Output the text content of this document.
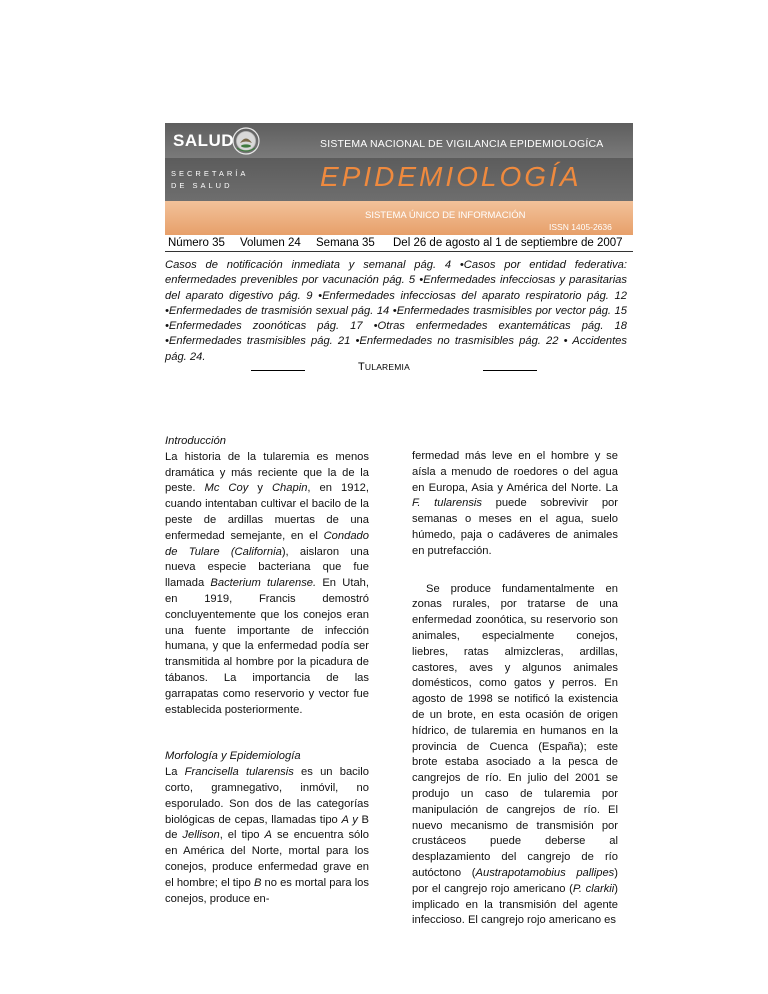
SALUD	SISTEMA NACIONAL DE VIGILANCIA EPIDEMIOLOGÍCA
SECRETARÍA
DE SALUD	EPIDEMIOLOGÍA
SISTEMA ÚNICO DE INFORMACIÓN
ISSN 1405-2636
Número 35 Volumen 24 Semana 35 Del 26 de agosto al 1 de septiembre de 2007
Casos de notificación inmediata y semanal pág. 4 •Casos por entidad federativa: enfermedades prevenibles por vacunación pág. 5 •Enfermedades infecciosas y parasitarias del aparato digestivo pág. 9 •Enfermedades infecciosas del aparato respiratorio pág. 12 •Enfermedades de trasmisión sexual pág. 14 •Enfermedades trasmisibles por vector pág. 15 •Enfermedades zoonóticas pág. 17 •Otras enfermedades exantemáticas pág. 18 •Enfermedades trasmisibles pág. 21 •Enfermedades no trasmisibles pág. 22 • Accidentes pág. 24.
TULAREMIA

Introducción

La historia de la tularemia es menos dramática y más reciente que la de la peste. Mc Coy y Chapin, en 1912, cuando intentaban cultivar el bacilo de la peste de ardillas muertas de una enfermedad semejante, en el Condado de Tulare (California), aislaron una nueva especie bacteriana que fue llamada Bacterium tularense. En Utah, en 1919, Francis demostró concluyentemente que los conejos eran una fuente importante de infección humana, y que la enfermedad podía ser transmitida al hombre por la picadura de tábanos. La importancia de las garrapatas como reservorio y vector fue establecida posteriormente.

Morfología y Epidemiología

La Francisella tularensis es un bacilo corto, gramnegativo, inmóvil, no esporulado. Son dos de las categorías biológicas de cepas, llamadas tipo A y B de Jellison, el tipo A se encuentra sólo en América del Norte, mortal para los conejos, produce enfermedad grave en el hombre; el tipo B no es mortal para los conejos, produce en-

fermedad más leve en el hombre y se aísla a menudo de roedores o del agua en Europa, Asia y América del Norte. La F. tularensis puede sobrevivir por semanas o meses en el agua, suelo húmedo, paja o cadáveres de animales en putrefacción.

Se produce fundamentalmente en zonas rurales, por tratarse de una enfermedad zoonótica, su reservorio son animales, especialmente conejos, liebres, ratas almizcleras, ardillas, castores, aves y algunos animales domésticos, como gatos y perros. En agosto de 1998 se notificó la existencia de un brote, en esta ocasión de origen hídrico, de tularemia en humanos en la provincia de Cuenca (España); este brote estaba asociado a la pesca de cangrejos de río. En julio del 2001 se produjo un caso de tularemia por manipulación de cangrejos de río. El nuevo mecanismo de transmisión por crustáceos puede deberse al desplazamiento del cangrejo de río autóctono (Austrapotamobius pallipes) por el cangrejo rojo americano (P. clarkii) implicado en la transmisión del agente infeccioso. El cangrejo rojo americano es
